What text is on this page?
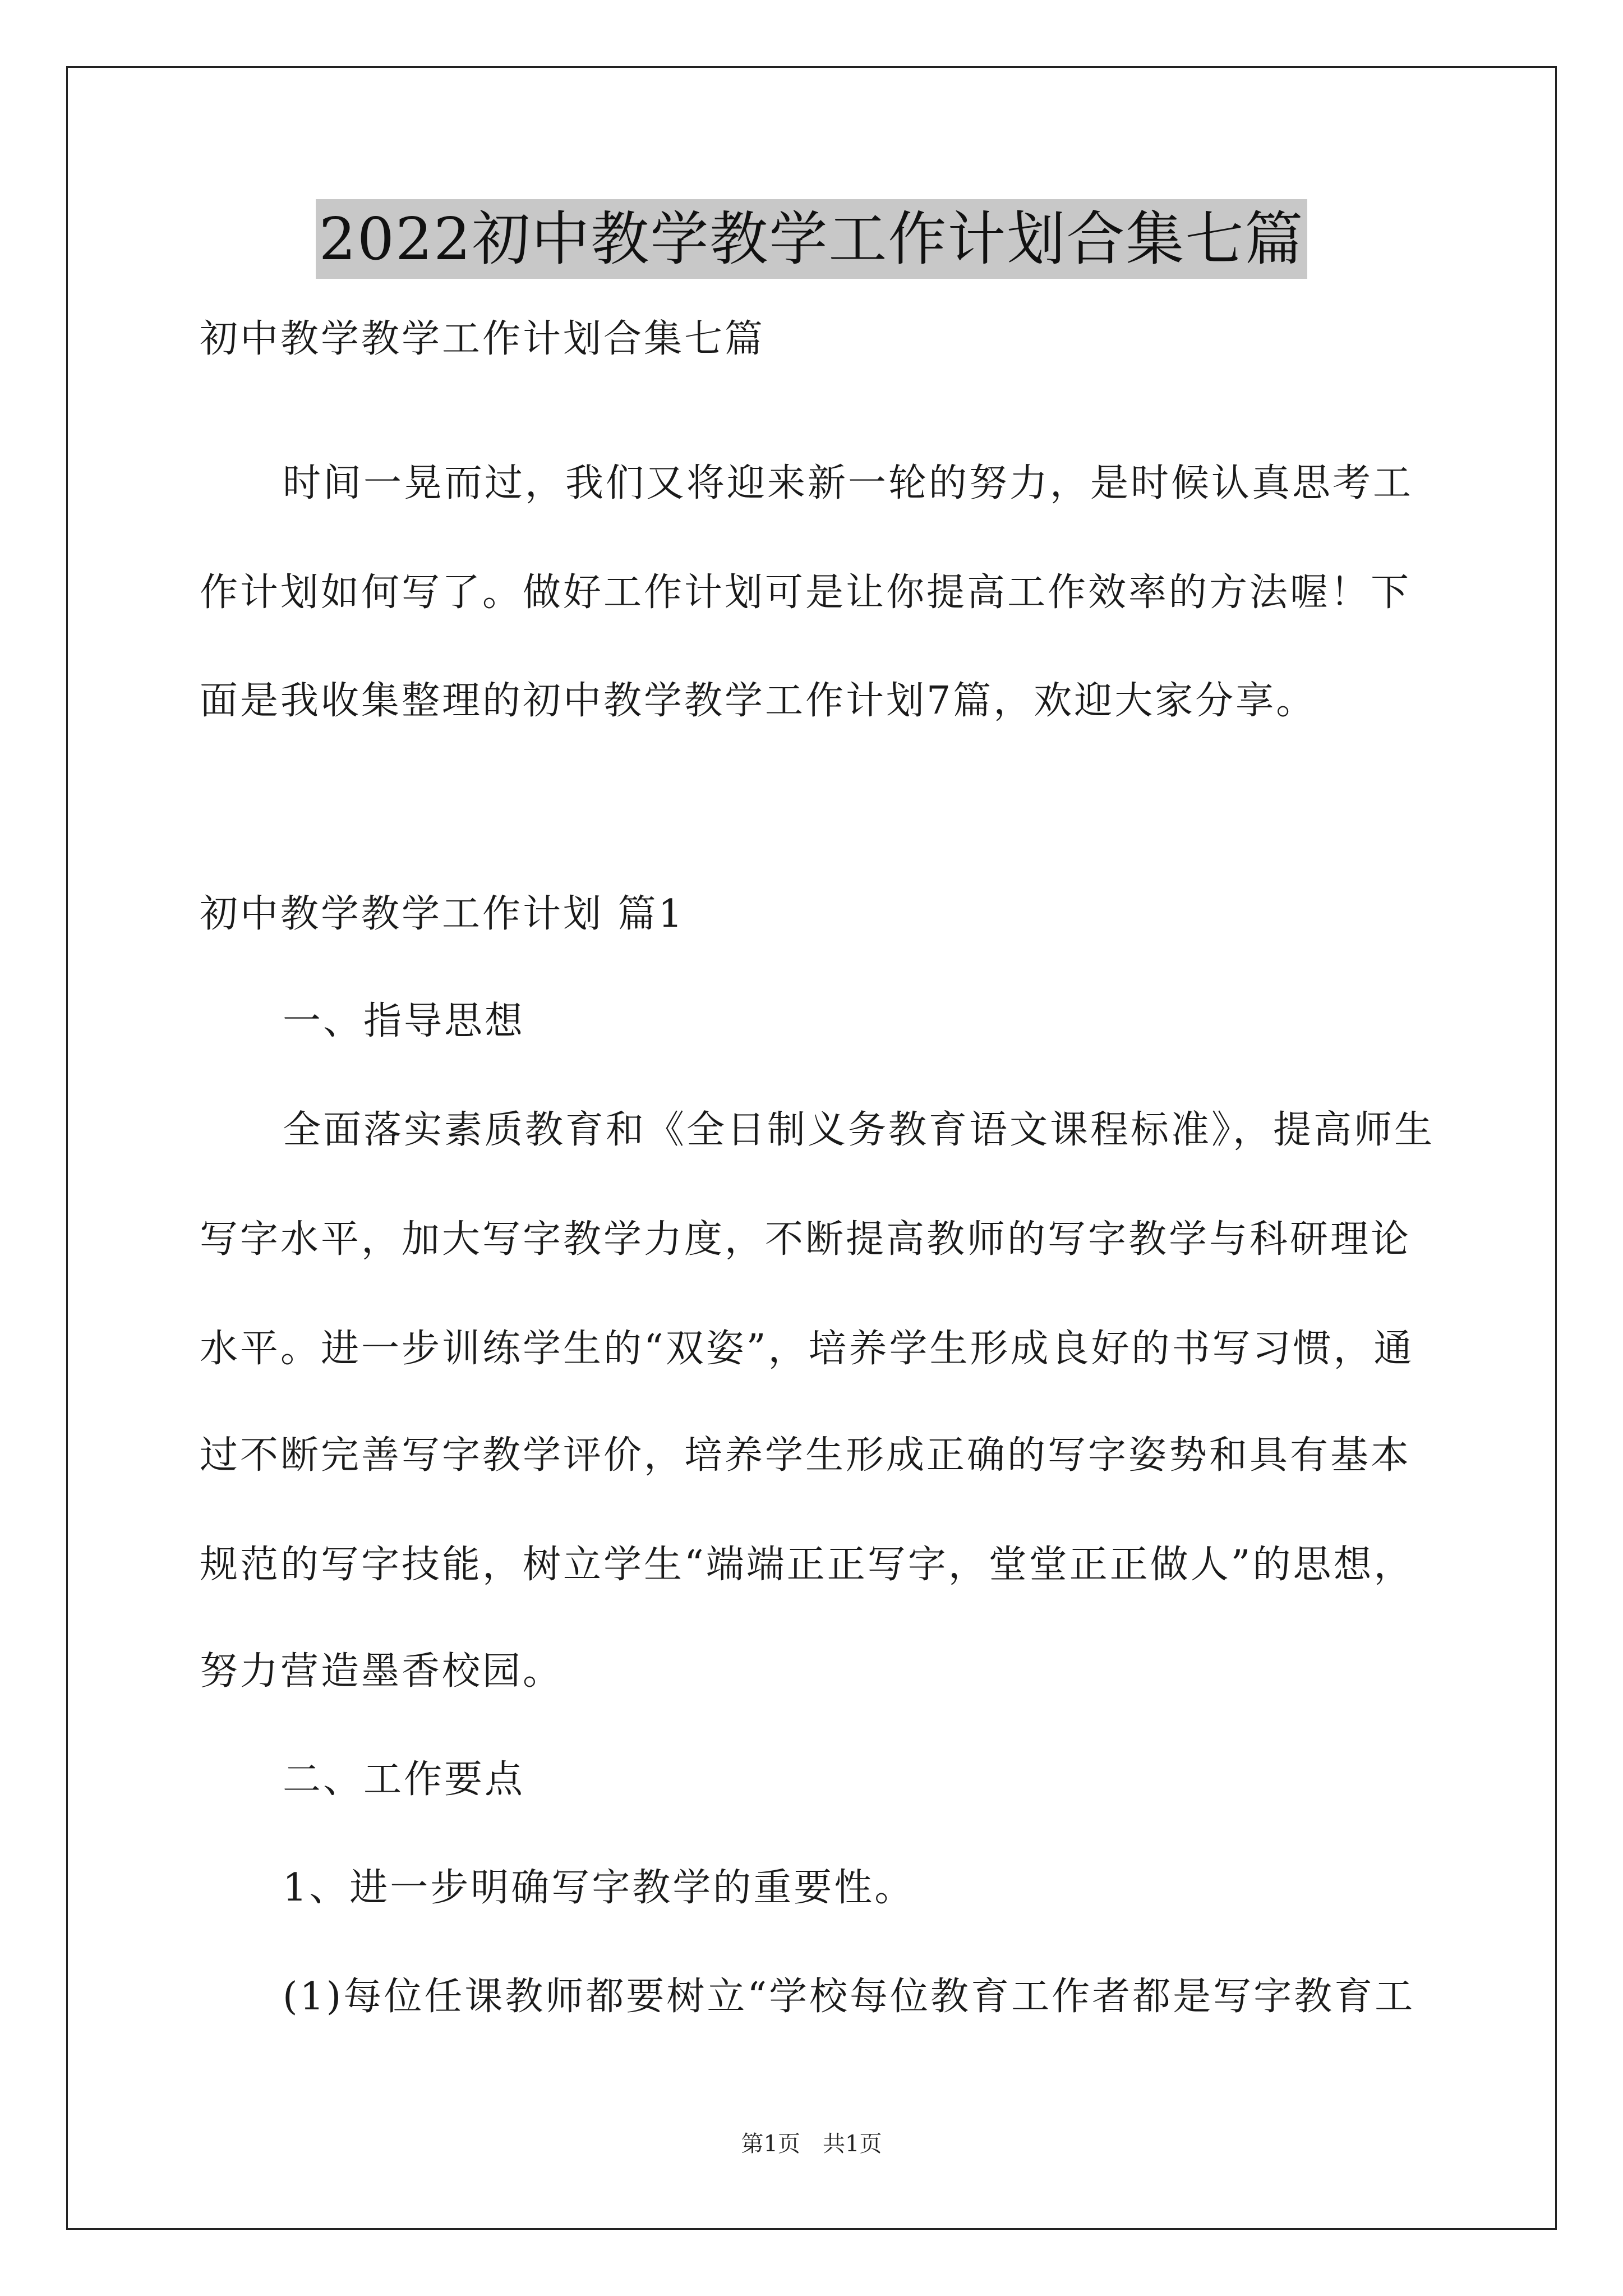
2022初中教学教学工作计划合集七篇
初中教学教学工作计划合集七篇
时间一晃而过，我们又将迎来新一轮的努力，是时候认真思考工
作计划如何写了。做好工作计划可是让你提高工作效率的方法喔！下
面是我收集整理的初中教学教学工作计划7篇，欢迎大家分享。
初中教学教学工作计划 篇1
一、指导思想
全面落实素质教育和《全日制义务教育语文课程标准》，提高师生
写字水平，加大写字教学力度，不断提高教师的写字教学与科研理论
水平。进一步训练学生的“双姿”，培养学生形成良好的书写习惯，通
过不断完善写字教学评价，培养学生形成正确的写字姿势和具有基本
规范的写字技能，树立学生“端端正正写字，堂堂正正做人”的思想，
努力营造墨香校园。
二、工作要点
1、进一步明确写字教学的重要性。
(1)每位任课教师都要树立“学校每位教育工作者都是写字教育工
第1页 共1页
